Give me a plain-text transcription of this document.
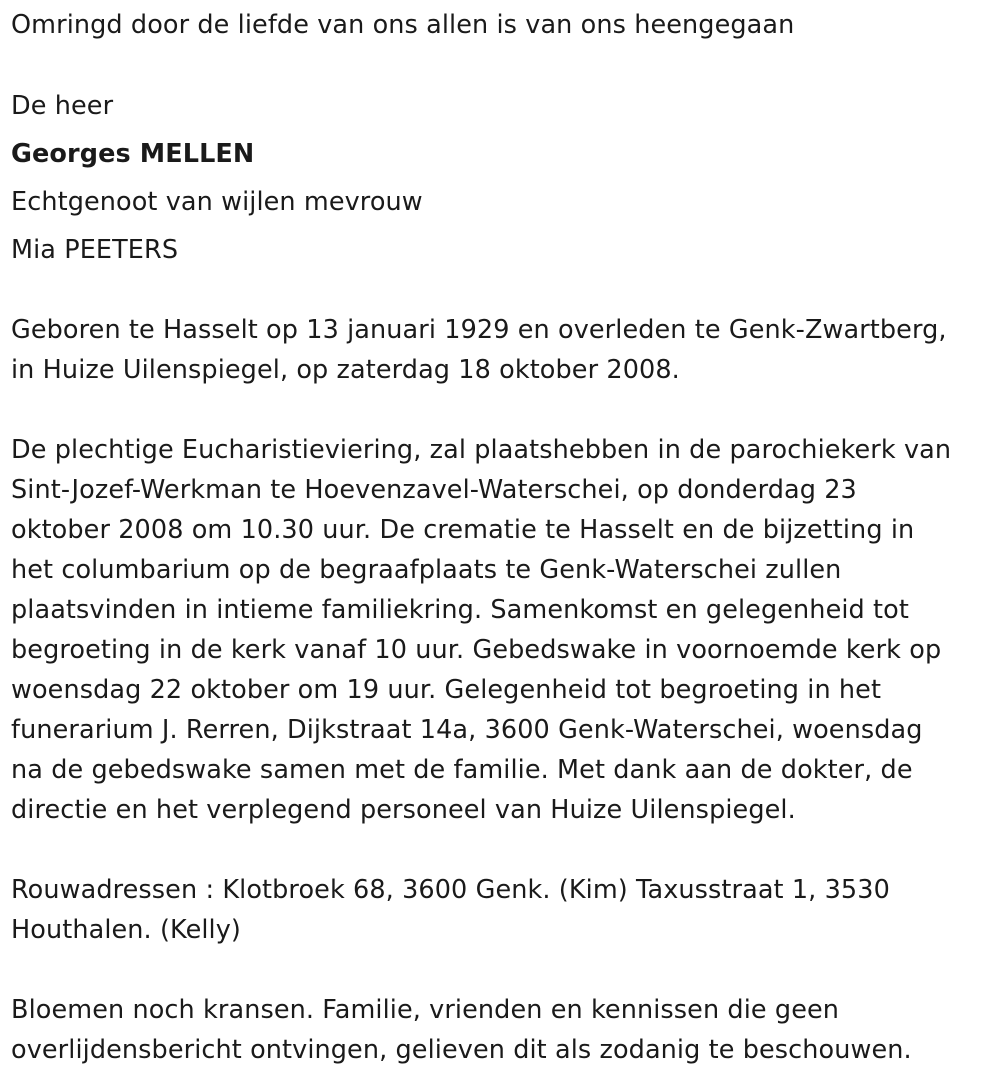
Omringd door de liefde van ons allen is van ons heengegaan
De heer
Georges MELLEN
Echtgenoot van wijlen mevrouw
Mia PEETERS
Geboren te Hasselt op 13 januari 1929 en overleden te Genk-Zwartberg,
in Huize Uilenspiegel, op zaterdag 18 oktober 2008.
De plechtige Eucharistieviering, zal plaatshebben in de parochiekerk van
Sint-Jozef-Werkman te Hoevenzavel-Waterschei, op donderdag 23
oktober 2008 om 10.30 uur. De crematie te Hasselt en de bijzetting in
het columbarium op de begraafplaats te Genk-Waterschei zullen
plaatsvinden in intieme familiekring. Samenkomst en gelegenheid tot
begroeting in de kerk vanaf 10 uur. Gebedswake in voornoemde kerk op
woensdag 22 oktober om 19 uur. Gelegenheid tot begroeting in het
funerarium J. Rerren, Dijkstraat 14a, 3600 Genk-Waterschei, woensdag
na de gebedswake samen met de familie. Met dank aan de dokter, de
directie en het verplegend personeel van Huize Uilenspiegel.
Rouwadressen : Klotbroek 68, 3600 Genk. (Kim) Taxusstraat 1, 3530
Houthalen. (Kelly)
Bloemen noch kransen. Familie, vrienden en kennissen die geen
overlijdensbericht ontvingen, gelieven dit als zodanig te beschouwen.
